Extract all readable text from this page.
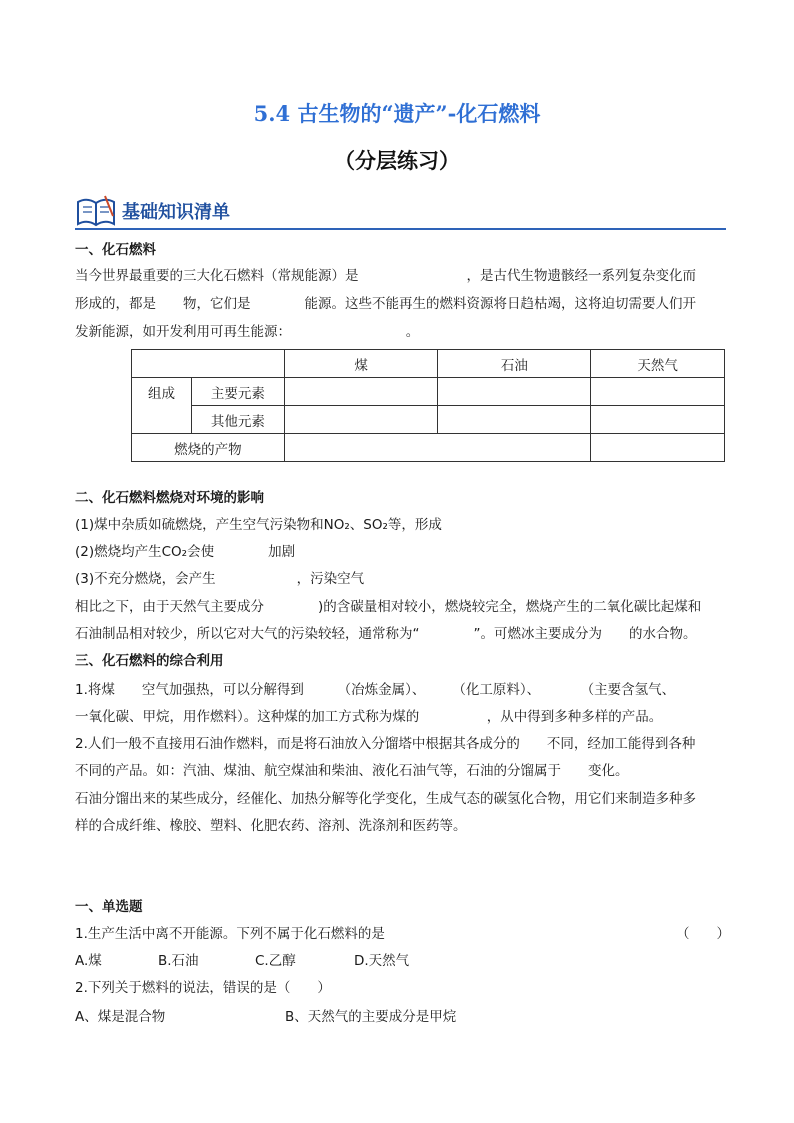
5.4 古生物的“遗产”-化石燃料
（分层练习）
基础知识清单
一、化石燃料
当今世界最重要的三大化石燃料（常规能源）是　　　　　　　　，是古代生物遗骸经一系列复杂变化而
形成的，都是　　物，它们是　　　　能源。这些不能再生的燃料资源将日趋枯竭，这将迫切需要人们开
发新能源，如开发利用可再生能源：　　　　　　　　　。
		煤	石油	天然气
组成	主要元素			
	其他元素			
燃烧的产物				
二、化石燃料燃烧对环境的影响
(1)煤中杂质如硫燃烧，产生空气污染物和NO₂、SO₂等，形成
(2)燃烧均产生CO₂会使　　　　加剧
(3)不充分燃烧，会产生　　　　　　，污染空气
相比之下，由于天然气主要成分　　　　)的含碳量相对较小，燃烧较完全，燃烧产生的二氧化碳比起煤和
石油制品相对较少，所以它对大气的污染较轻，通常称为“　　　　”。可燃冰主要成分为　　的水合物。
三、化石燃料的综合利用
1.将煤　　空气加强热，可以分解得到　　　（冶炼金属）、　　　（化工原料）、　　　　（主要含氢气、
一氧化碳、甲烷，用作燃料）。这种煤的加工方式称为煤的　　　　　，从中得到多种多样的产品。
2.人们一般不直接用石油作燃料，而是将石油放入分馏塔中根据其各成分的　　不同，经加工能得到各种
不同的产品。如：汽油、煤油、航空煤油和柴油、液化石油气等，石油的分馏属于　　变化。
石油分馏出来的某些成分，经催化、加热分解等化学变化，生成气态的碳氢化合物，用它们来制造多种多
样的合成纤维、橡胶、塑料、化肥农药、溶剂、洗涤剂和医药等。
一、单选题
1.生产生活中离不开能源。下列不属于化石燃料的是	（　　）
A.煤	B.石油	C.乙醇	D.天然气
2.下列关于燃料的说法，错误的是（　　）
A、煤是混合物	B、天然气的主要成分是甲烷
